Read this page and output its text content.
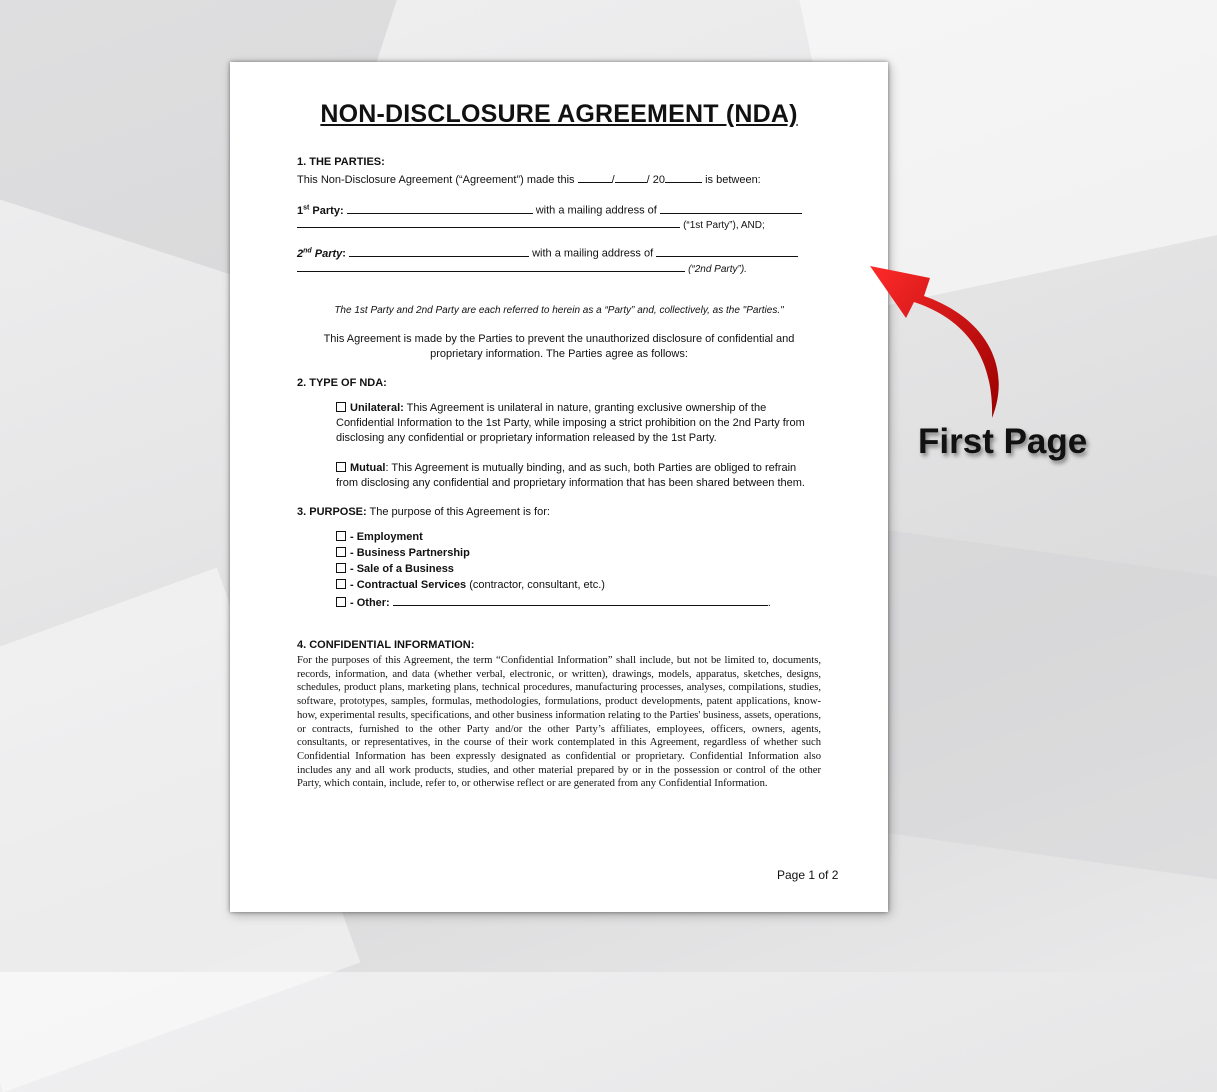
NON-DISCLOSURE AGREEMENT (NDA)
1. THE PARTIES:
This Non-Disclosure Agreement (“Agreement”) made this	/	/ 20	is between:
1st Party:	with a mailing address of
(“1st Party”), AND;
2nd Party:	with a mailing address of
(“2nd Party”).
The 1st Party and 2nd Party are each referred to herein as a “Party” and, collectively, as the "Parties."
This Agreement is made by the Parties to prevent the unauthorized disclosure of confidential and proprietary information. The Parties agree as follows:
2. TYPE OF NDA:
Unilateral: This Agreement is unilateral in nature, granting exclusive ownership of the Confidential Information to the 1st Party, while imposing a strict prohibition on the 2nd Party from disclosing any confidential or proprietary information released by the 1st Party.
Mutual: This Agreement is mutually binding, and as such, both Parties are obliged to refrain from disclosing any confidential and proprietary information that has been shared between them.
3. PURPOSE: The purpose of this Agreement is for:
- Employment
- Business Partnership
- Sale of a Business
- Contractual Services (contractor, consultant, etc.)
- Other:	.
4. CONFIDENTIAL INFORMATION:
For the purposes of this Agreement, the term “Confidential Information” shall include, but not be limited to, documents, records, information, and data (whether verbal, electronic, or written), drawings, models, apparatus, sketches, designs, schedules, product plans, marketing plans, technical procedures, manufacturing processes, analyses, compilations, studies, software, prototypes, samples, formulas, methodologies, formulations, product developments, patent applications, know-how, experimental results, specifications, and other business information relating to the Parties' business, assets, operations, or contracts, furnished to the other Party and/or the other Party’s affiliates, employees, officers, owners, agents, consultants, or representatives, in the course of their work contemplated in this Agreement, regardless of whether such Confidential Information has been expressly designated as confidential or proprietary. Confidential Information also includes any and all work products, studies, and other material prepared by or in the possession or control of the other Party, which contain, include, refer to, or otherwise reflect or are generated from any Confidential Information.
Page 1 of 2
First Page
